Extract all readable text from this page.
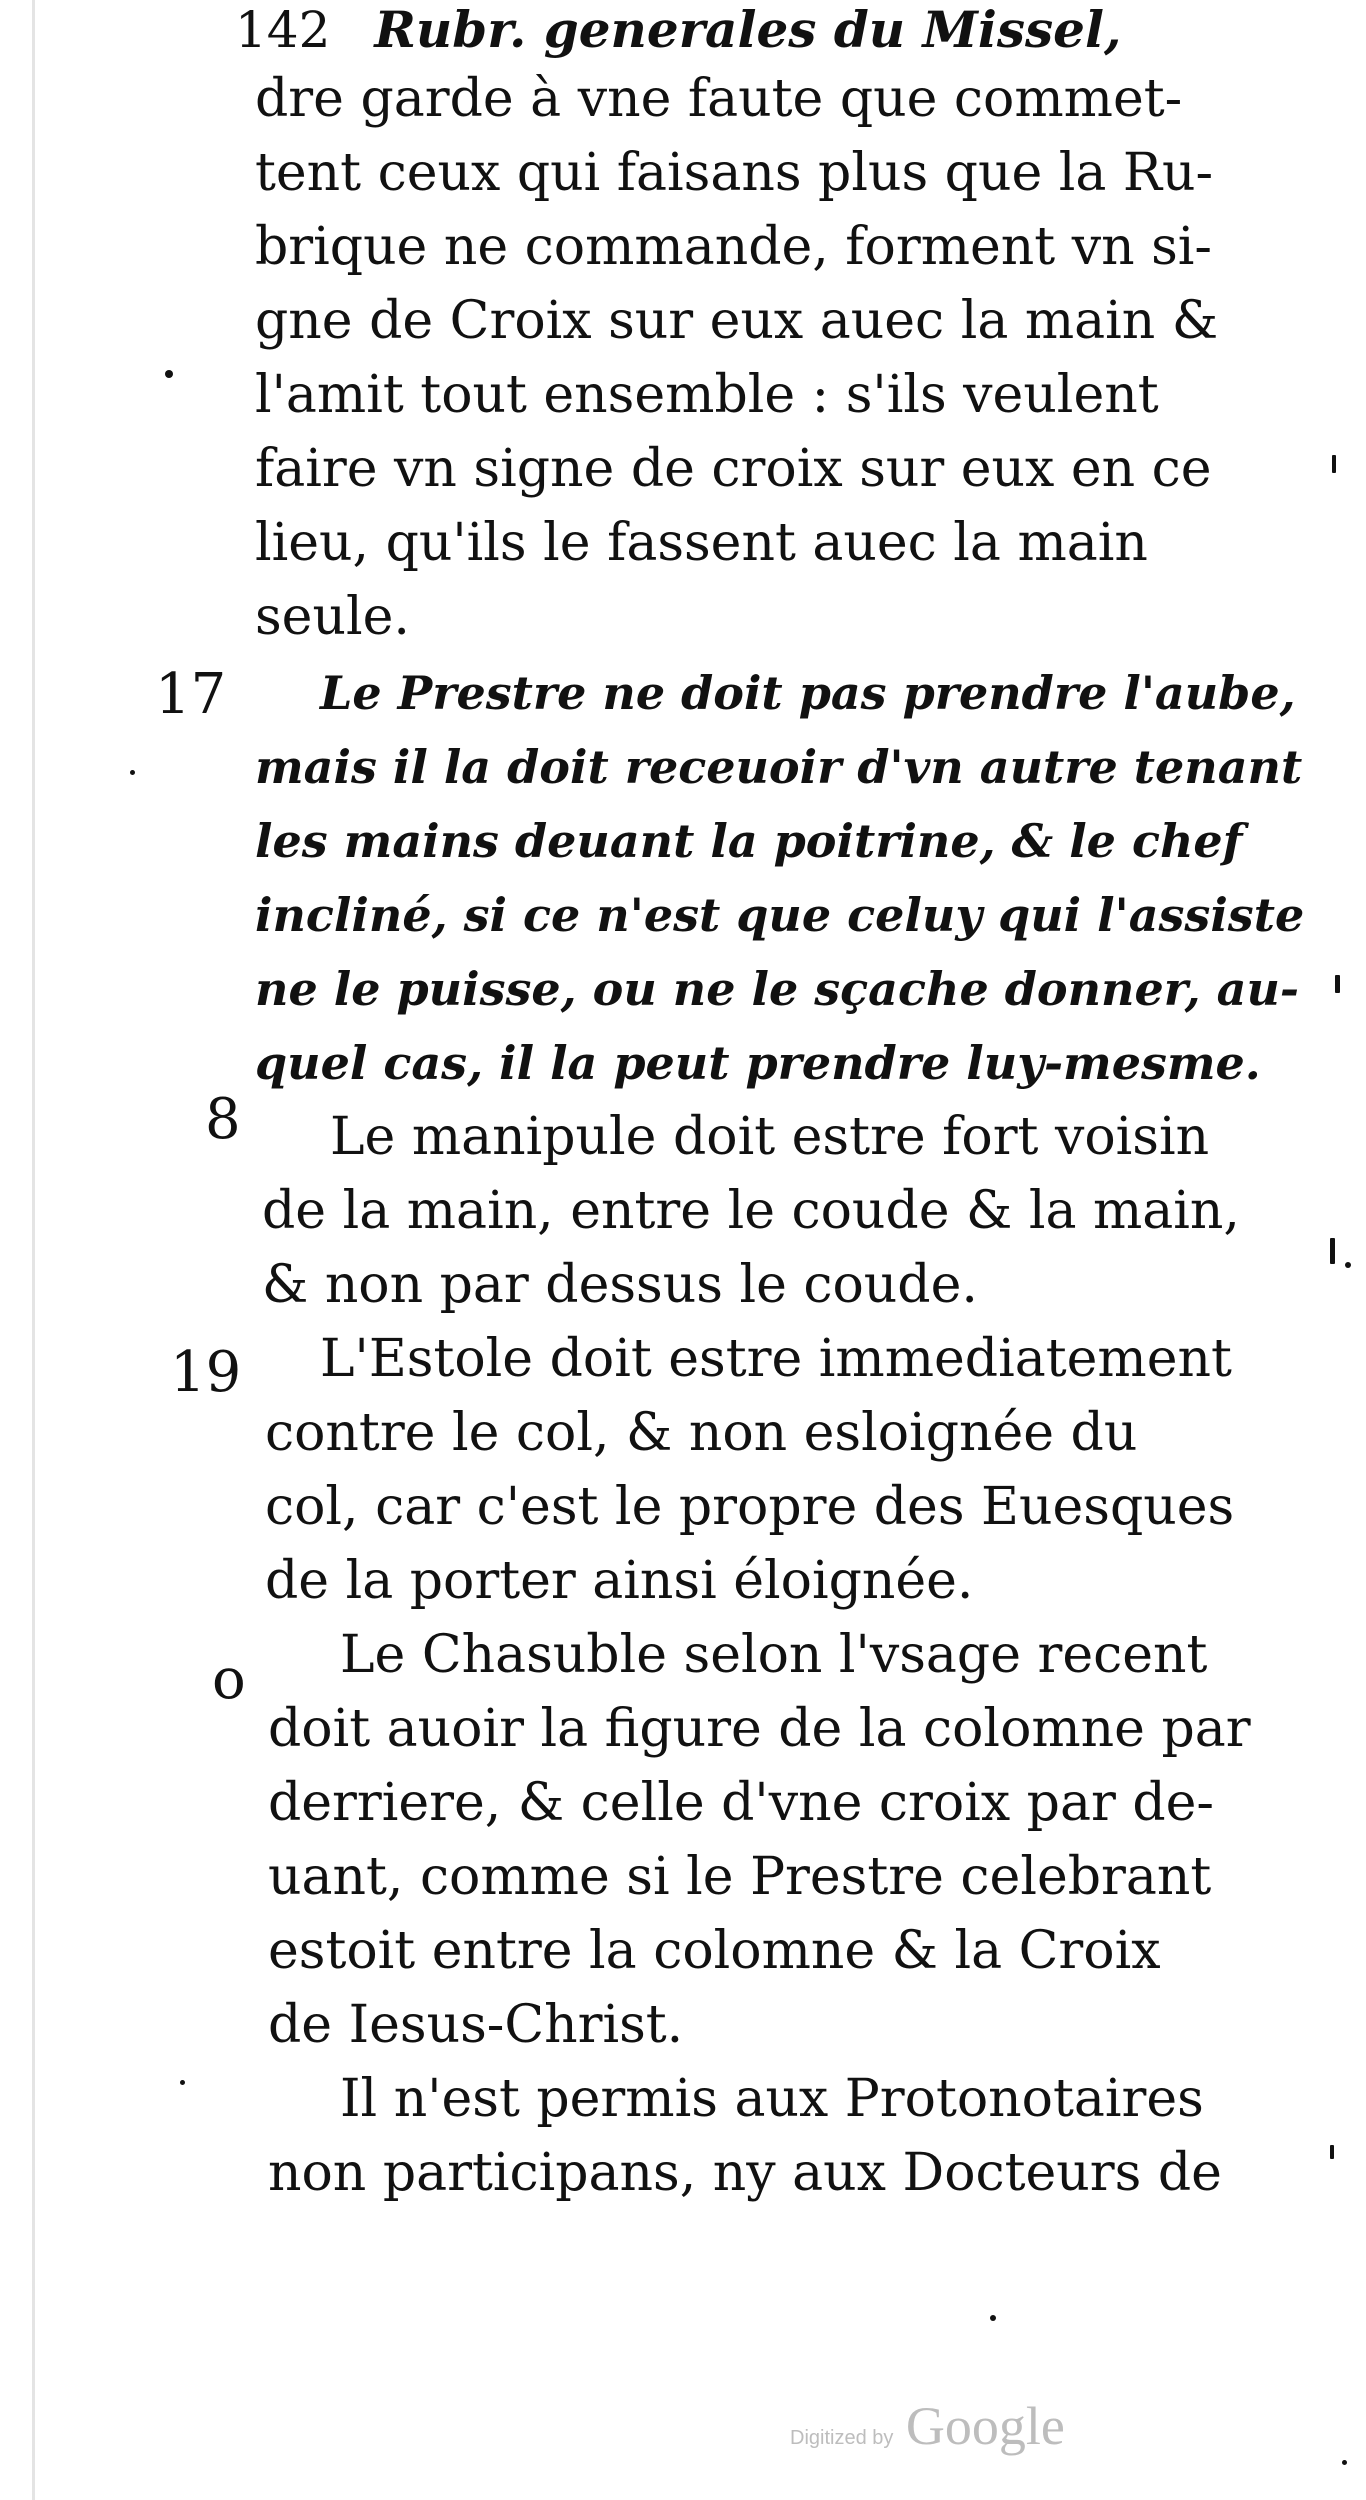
142 Rubr. generales du Missel,
dre garde à vne faute que commet-
tent ceux qui faisans plus que la Ru-
brique ne commande, forment vn si-
gne de Croix sur eux auec la main &
l'amit tout ensemble : s'ils veulent
faire vn signe de croix sur eux en ce
lieu, qu'ils le fassent auec la main
seule.
17 Le Prestre ne doit pas prendre l'aube,
mais il la doit receuoir d'vn autre tenant
les mains deuant la poitrine, & le chef
incliné, si ce n'est que celuy qui l'assiste
ne le puisse, ou ne le sçache donner, au-
quel cas, il la peut prendre luy-mesme.
8 Le manipule doit estre fort voisin
de la main, entre le coude & la main,
& non par dessus le coude.
19 L'Estole doit estre immediatement
contre le col, & non esloignée du
col, car c'est le propre des Euesques
de la porter ainsi éloignée.
o Le Chasuble selon l'vsage recent
doit auoir la figure de la colomne par
derriere, & celle d'vne croix par de-
uant, comme si le Prestre celebrant
estoit entre la colomne & la Croix
de Iesus-Christ.
Il n'est permis aux Protonotaires
non participans, ny aux Docteurs de
Digitized by Google
